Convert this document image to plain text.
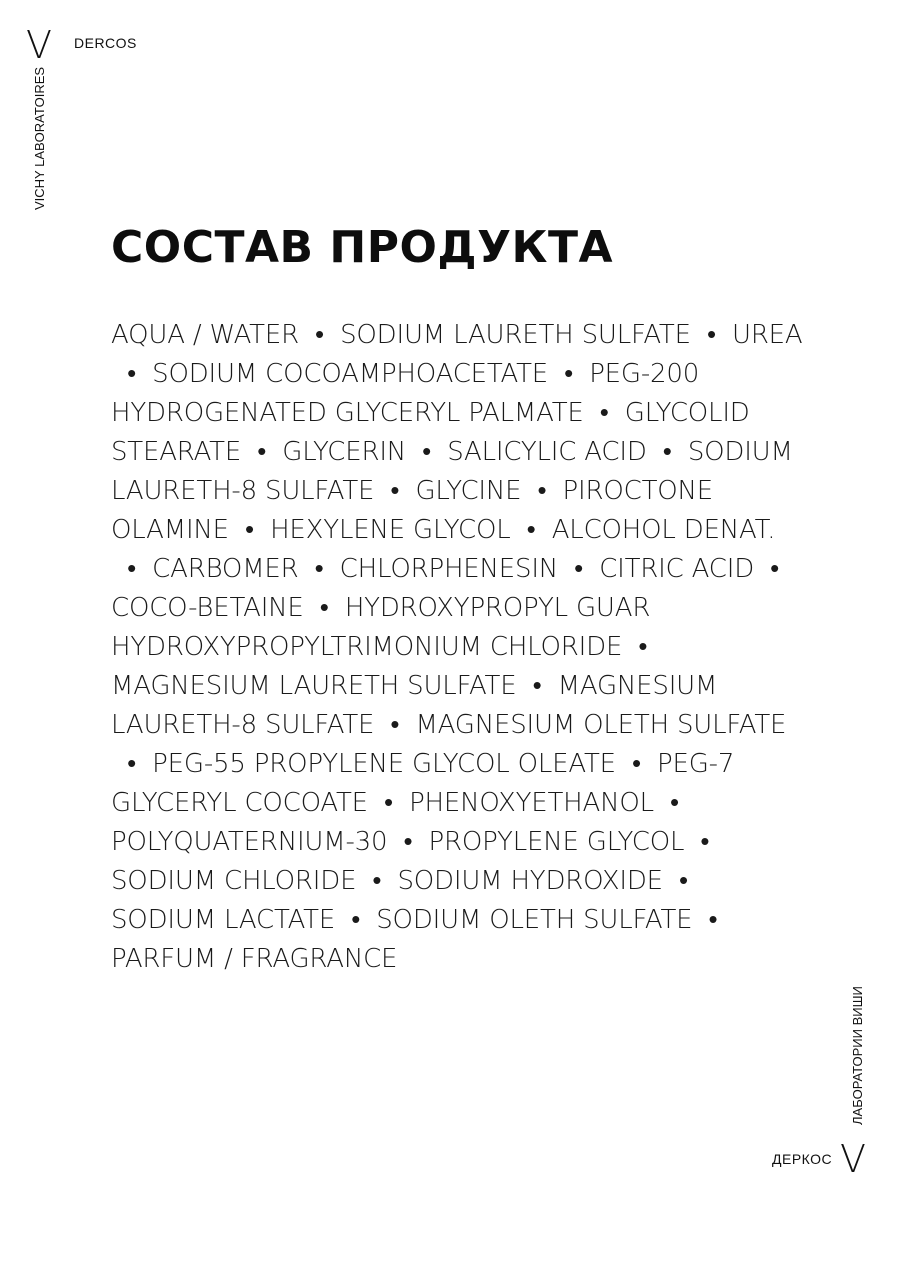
V DERCOS
VICHY LABORATOIRES
СОСТАВ ПРОДУКТА
AQUA / WATER  •  SODIUM LAURETH SULFATE  •  UREA
•  SODIUM COCOAMPHOACETATE  •  PEG-200
HYDROGENATED GLYCERYL PALMATE  •  GLYCOLID
STEARATE  •  GLYCERIN  •  SALICYLIC ACID  •  SODIUM
LAURETH-8 SULFATE  •  GLYCINE  •  PIROCTONE
OLAMINE  •  HEXYLENE GLYCOL  •  ALCOHOL DENAT.
•  CARBOMER  •  CHLORPHENESIN  •  CITRIC ACID  •
COCO-BETAINE  •  HYDROXYPROPYL GUAR
HYDROXYPROPYLTRIMONIUM CHLORIDE  •
MAGNESIUM LAURETH SULFATE  •  MAGNESIUM
LAURETH-8 SULFATE  •  MAGNESIUM OLETH SULFATE
•  PEG-55 PROPYLENE GLYCOL OLEATE  •  PEG-7
GLYCERYL COCOATE  •  PHENOXYETHANOL  •
POLYQUATERNIUM-30  •  PROPYLENE GLYCOL  •
SODIUM CHLORIDE  •  SODIUM HYDROXIDE  •
SODIUM LACTATE  •  SODIUM OLETH SULFATE  •
PARFUM / FRAGRANCE
ЛАБОРАТОРИИ ВИШИ
ДЕРКОС V
